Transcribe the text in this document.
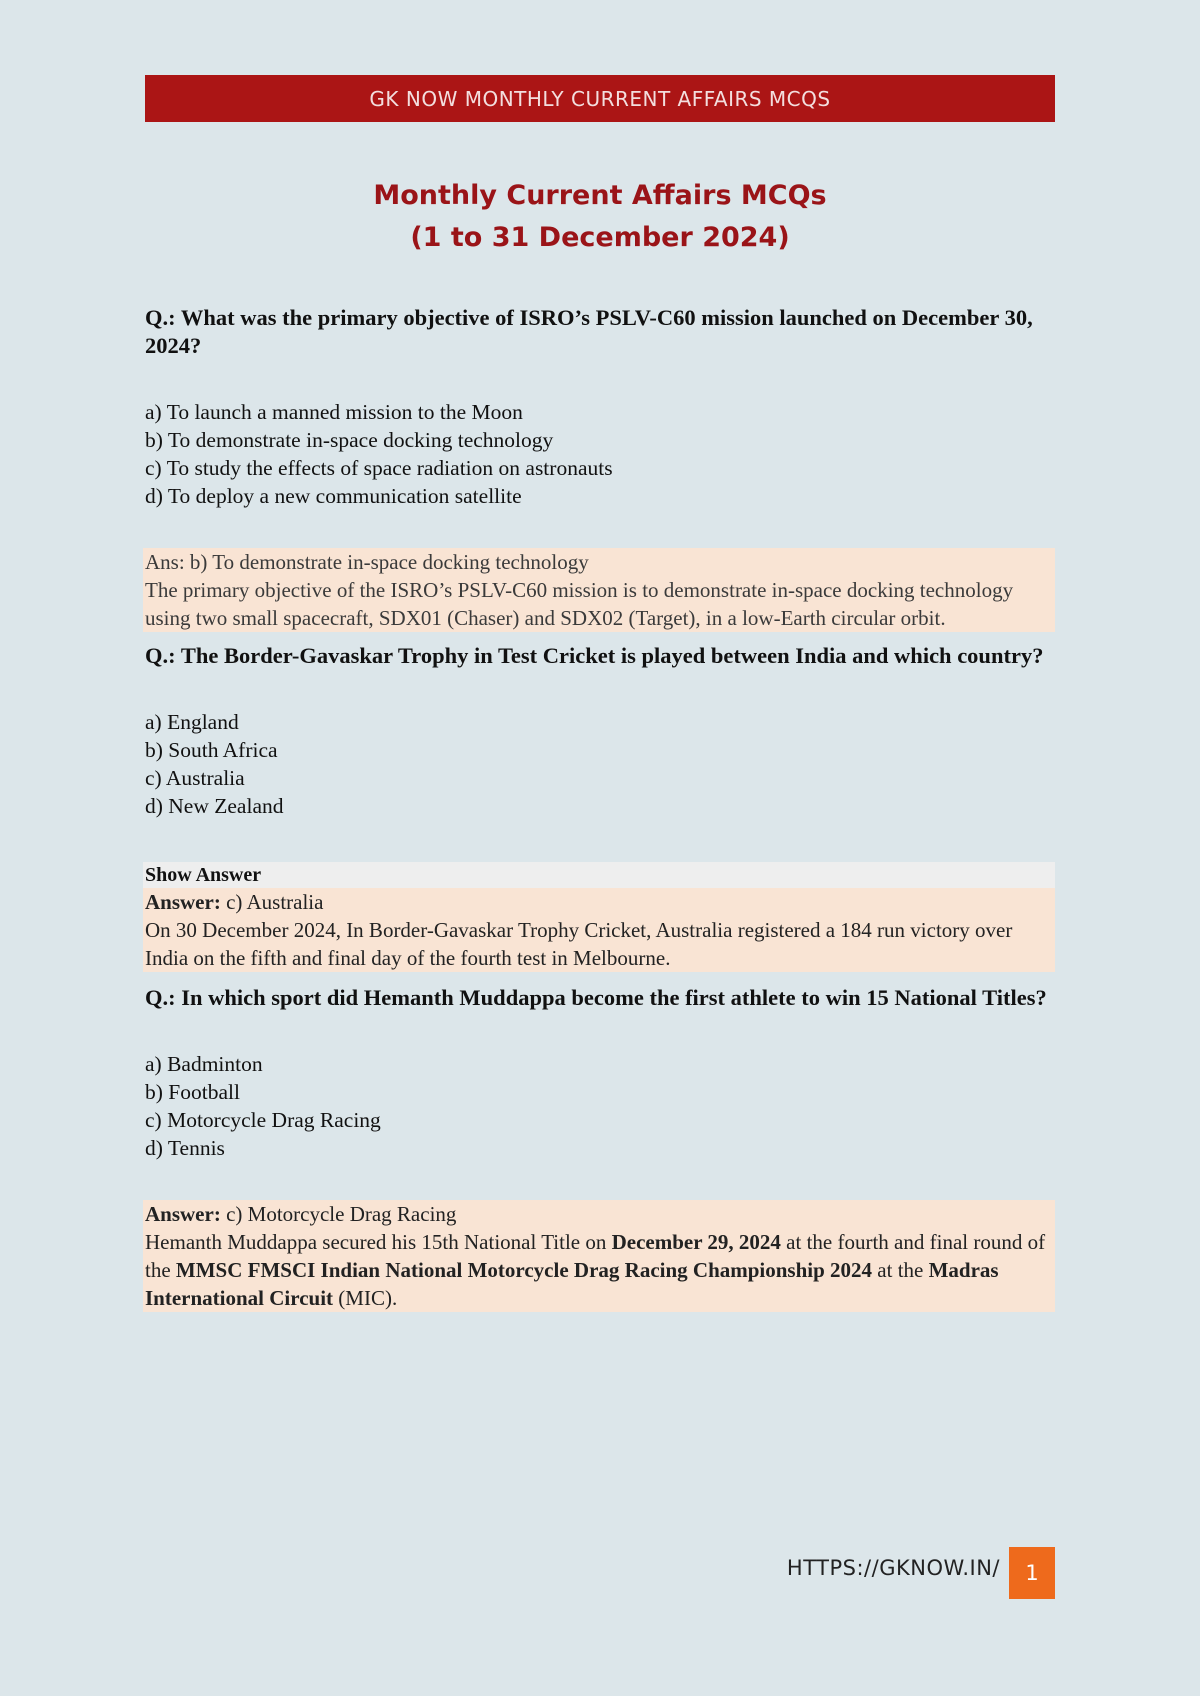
GK NOW MONTHLY CURRENT AFFAIRS MCQS
Monthly Current Affairs MCQs
(1 to 31 December 2024)

Q.: What was the primary objective of ISRO’s PSLV-C60 mission launched on December 30, 2024?

a) To launch a manned mission to the Moon
b) To demonstrate in-space docking technology
c) To study the effects of space radiation on astronauts
d) To deploy a new communication satellite
Ans: b) To demonstrate in-space docking technology
The primary objective of the ISRO’s PSLV-C60 mission is to demonstrate in-space docking technology using two small spacecraft, SDX01 (Chaser) and SDX02 (Target), in a low-Earth circular orbit.

Q.: The Border-Gavaskar Trophy in Test Cricket is played between India and which country?

a) England
b) South Africa
c) Australia
d) New Zealand
Show Answer
Answer: c) Australia
On 30 December 2024, In Border-Gavaskar Trophy Cricket, Australia registered a 184 run victory over India on the fifth and final day of the fourth test in Melbourne.

Q.: In which sport did Hemanth Muddappa become the first athlete to win 15 National Titles?

a) Badminton
b) Football
c) Motorcycle Drag Racing
d) Tennis
Answer: c) Motorcycle Drag Racing
Hemanth Muddappa secured his 15th National Title on December 29, 2024 at the fourth and final round of the MMSC FMSCI Indian National Motorcycle Drag Racing Championship 2024 at the Madras International Circuit (MIC).
HTTPS://GKNOW.IN/	1
